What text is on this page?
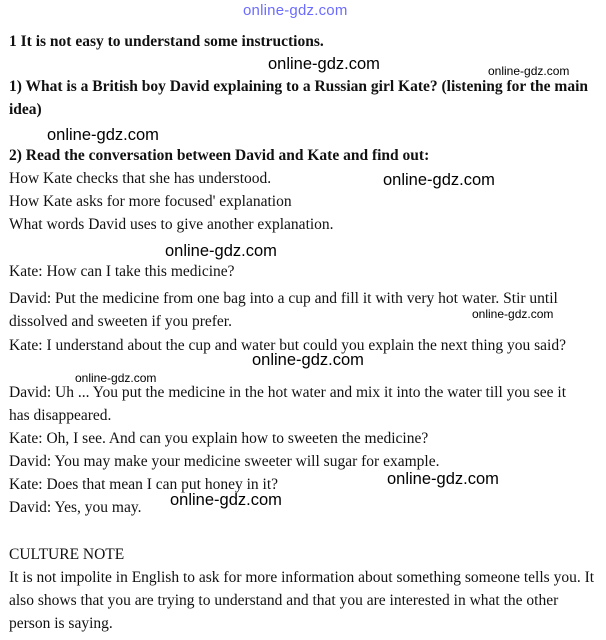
online-gdz.com
1 It is not easy to understand some instructions.
1) What is a British boy David explaining to a Russian girl Kate? (listening for the main idea)
2) Read the conversation between David and Kate and find out:
How Kate checks that she has understood.
How Kate asks for more focused' explanation
What words David uses to give another explanation.
Kate: How can I take this medicine?
David: Put the medicine from one bag into a cup and fill it with very hot water. Stir until dissolved and sweeten if you prefer.
Kate: I understand about the cup and water but could you explain the next thing you said?
David: Uh ... You put the medicine in the hot water and mix it into the water till you see it has disappeared.
Kate: Oh, I see. And can you explain how to sweeten the medicine?
David: You may make your medicine sweeter will sugar for example.
Kate: Does that mean I can put honey in it?
David: Yes, you may.
CULTURE NOTE
It is not impolite in English to ask for more information about something someone tells you. It also shows that you are trying to understand and that you are interested in what the other person is saying.
online-gdz.com	online-gdz.com
online-gdz.com
online-gdz.com
online-gdz.com
online-gdz.com
online-gdz.com
online-gdz.com
online-gdz.com
online-gdz.com
